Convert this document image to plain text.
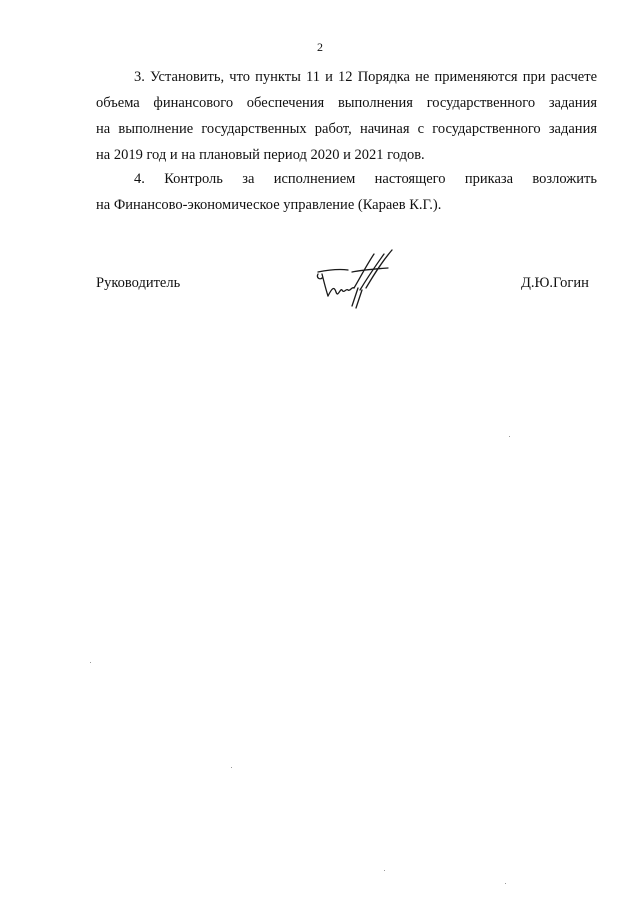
2
3. Установить, что пункты 11 и 12 Порядка не применяются при расчете
объема финансового обеспечения выполнения государственного задания
на выполнение государственных работ, начиная с государственного задания
на 2019 год и на плановый период 2020 и 2021 годов.
4. Контроль за исполнением настоящего приказа возложить
на Финансово-экономическое управление (Караев К.Г.).
Руководитель	Д.Ю.Гогин
